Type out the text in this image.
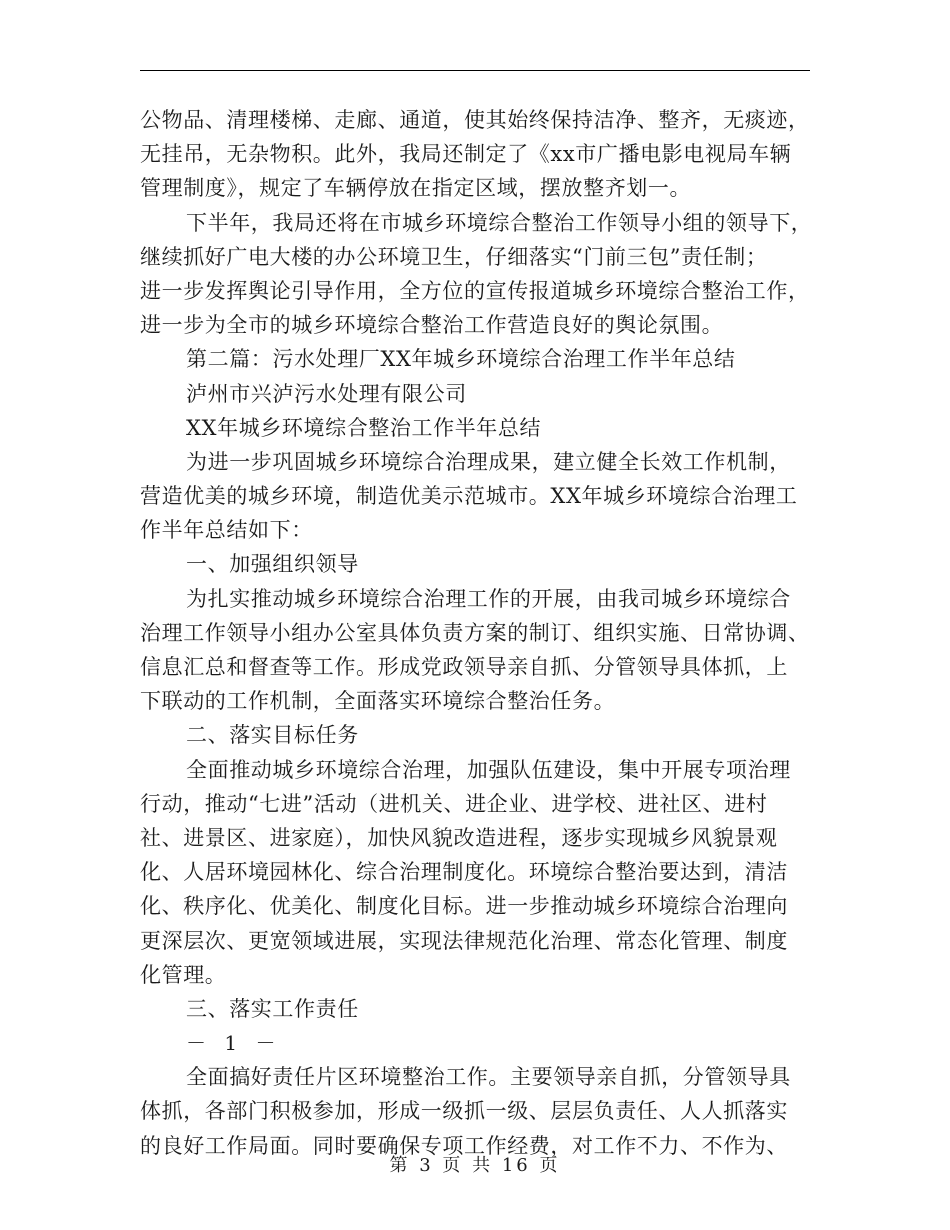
公物品、清理楼梯、走廊、通道，使其始终保持洁净、整齐，无痰迹，
无挂吊，无杂物积。此外，我局还制定了《xx市广播电影电视局车辆
管理制度》，规定了车辆停放在指定区域，摆放整齐划一。
下半年，我局还将在市城乡环境综合整治工作领导小组的领导下，
继续抓好广电大楼的办公环境卫生，仔细落实“门前三包”责任制；
进一步发挥舆论引导作用，全方位的宣传报道城乡环境综合整治工作，
进一步为全市的城乡环境综合整治工作营造良好的舆论氛围。
第二篇：污水处理厂XX年城乡环境综合治理工作半年总结
泸州市兴泸污水处理有限公司
XX年城乡环境综合整治工作半年总结
为进一步巩固城乡环境综合治理成果，建立健全长效工作机制，
营造优美的城乡环境，制造优美示范城市。XX年城乡环境综合治理工
作半年总结如下：
一、加强组织领导
为扎实推动城乡环境综合治理工作的开展，由我司城乡环境综合
治理工作领导小组办公室具体负责方案的制订、组织实施、日常协调、
信息汇总和督查等工作。形成党政领导亲自抓、分管领导具体抓，上
下联动的工作机制，全面落实环境综合整治任务。
二、落实目标任务
全面推动城乡环境综合治理，加强队伍建设，集中开展专项治理
行动，推动“七进”活动（进机关、进企业、进学校、进社区、进村
社、进景区、进家庭），加快风貌改造进程，逐步实现城乡风貌景观
化、人居环境园林化、综合治理制度化。环境综合整治要达到，清洁
化、秩序化、优美化、制度化目标。进一步推动城乡环境综合治理向
更深层次、更宽领域进展，实现法律规范化治理、常态化管理、制度
化管理。
三、落实工作责任
－ 1 －
全面搞好责任片区环境整治工作。主要领导亲自抓，分管领导具
体抓，各部门积极参加，形成一级抓一级、层层负责任、人人抓落实
的良好工作局面。同时要确保专项工作经费，对工作不力、不作为、
第 3 页 共 16 页
